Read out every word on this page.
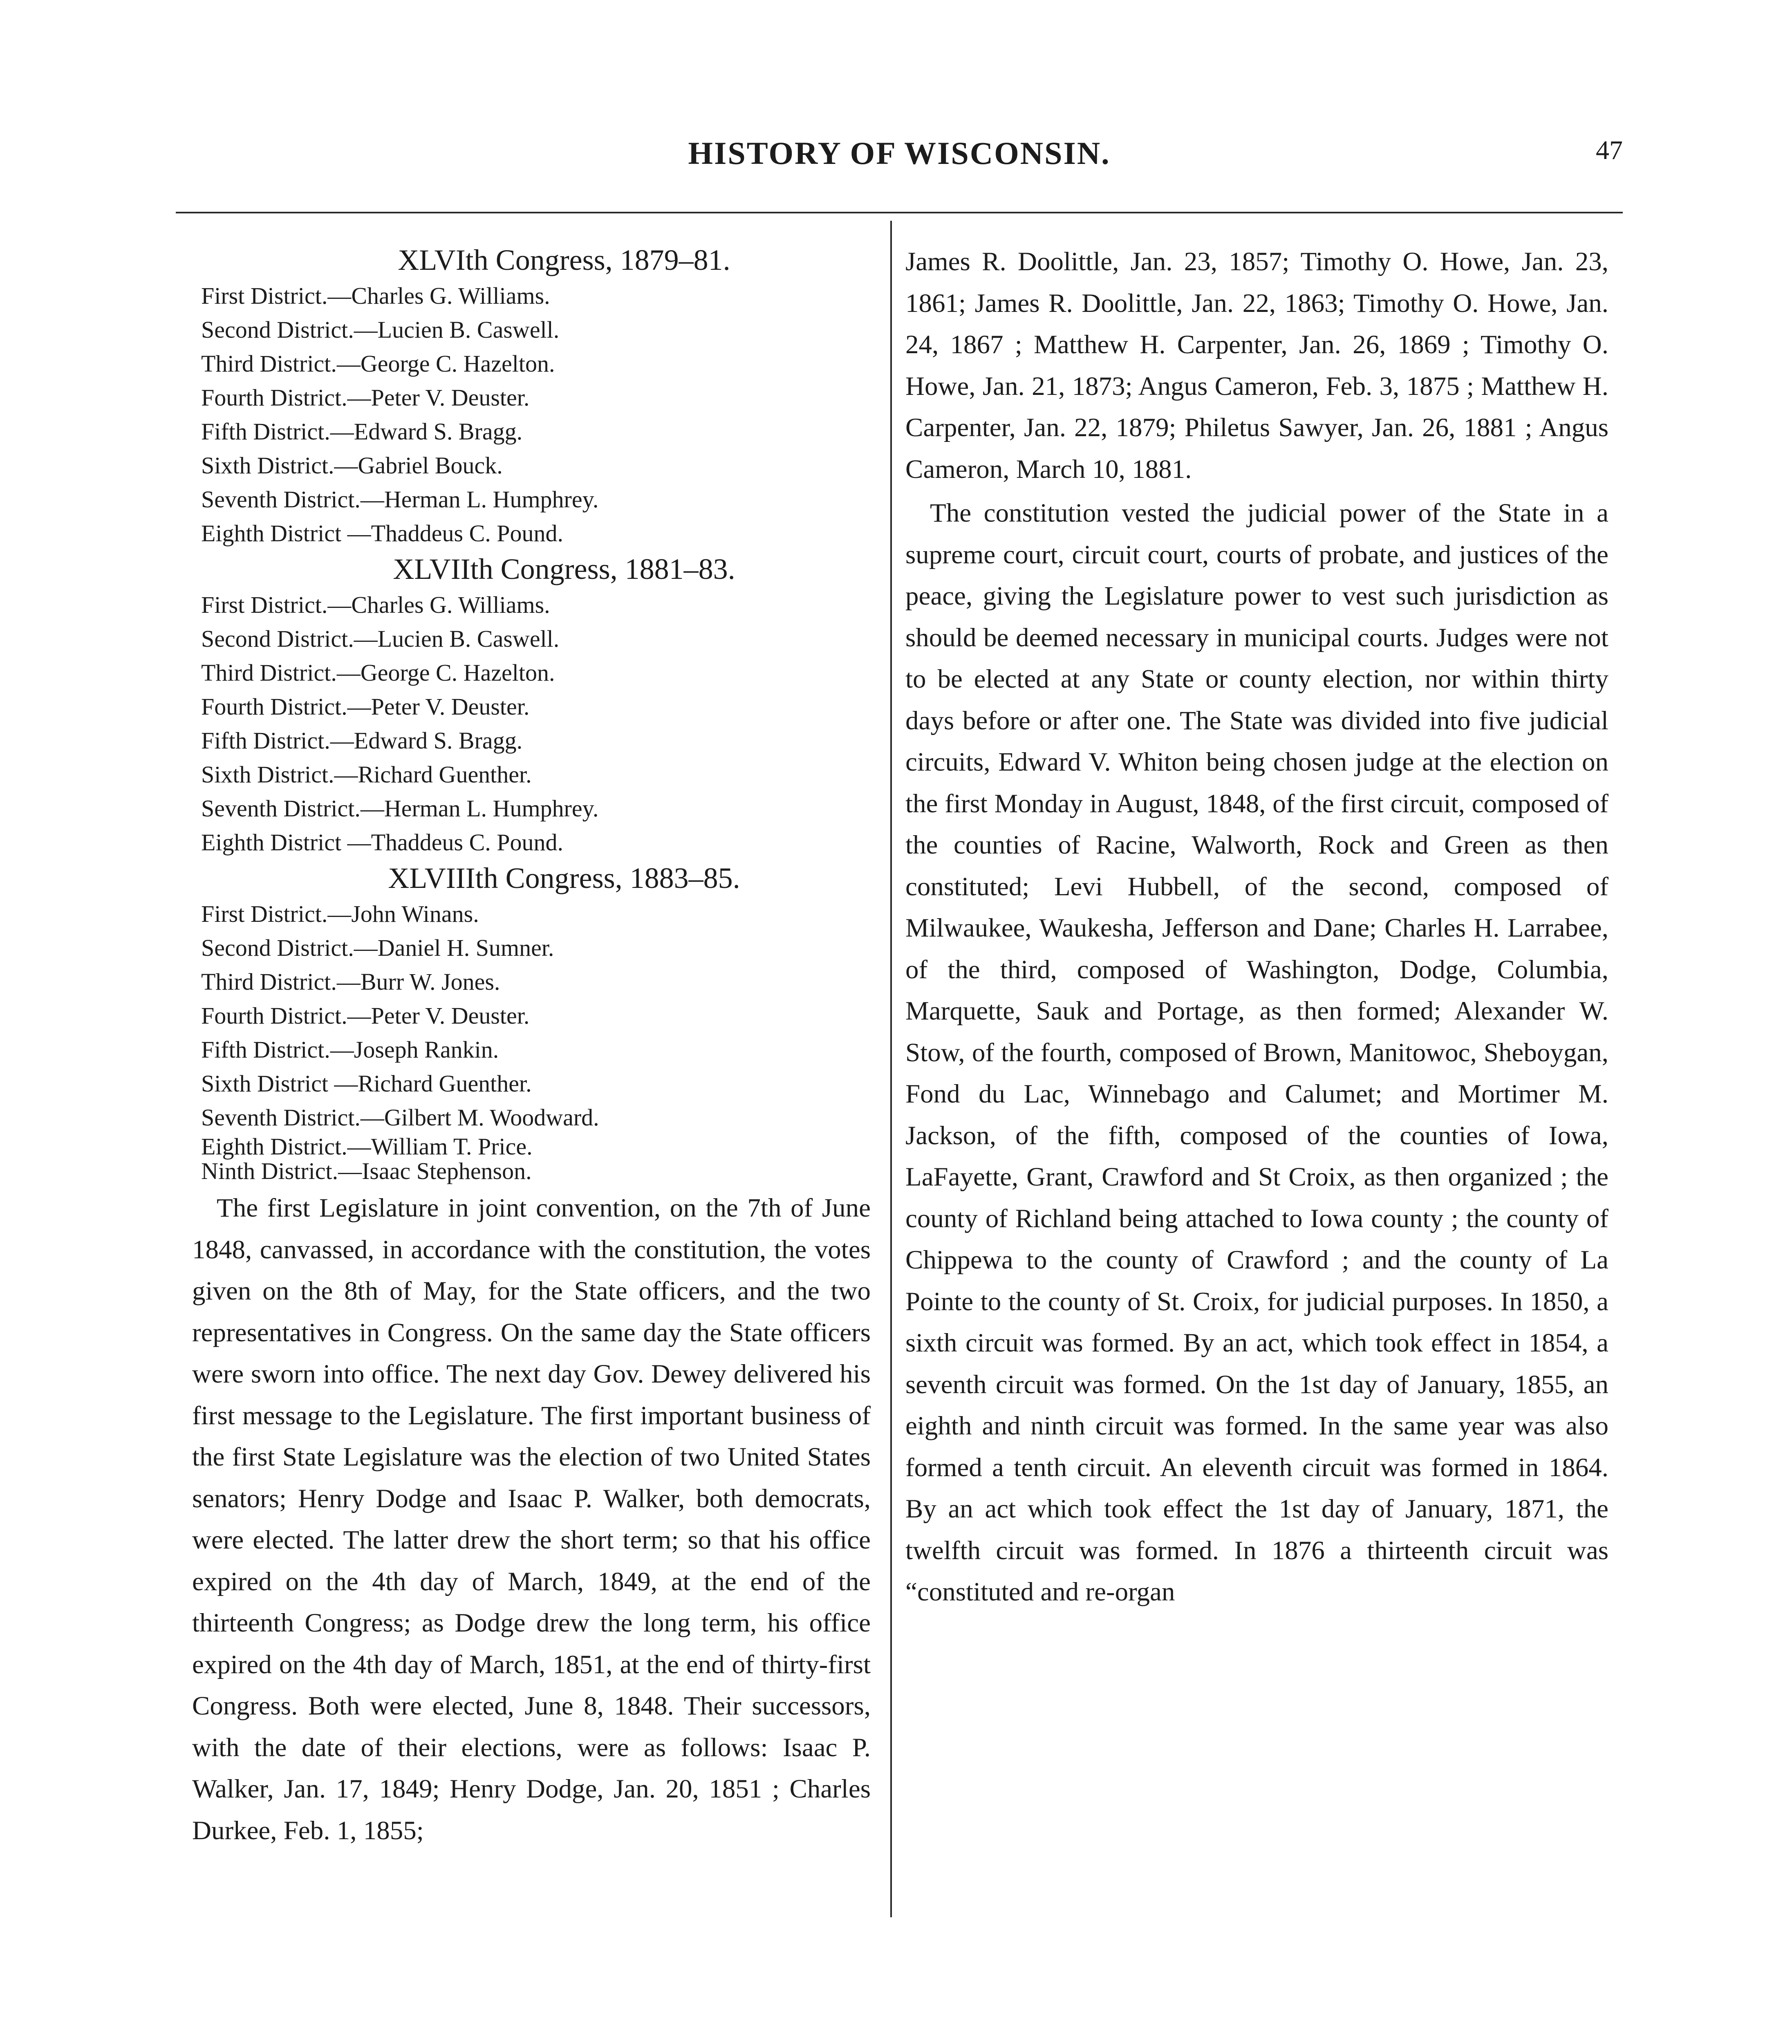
HISTORY OF WISCONSIN.	47
XLVIth Congress, 1879–81.
First District.—Charles G. Williams.
Second District.—Lucien B. Caswell.
Third District.—George C. Hazelton.
Fourth District.—Peter V. Deuster.
Fifth District.—Edward S. Bragg.
Sixth District.—Gabriel Bouck.
Seventh District.—Herman L. Humphrey.
Eighth District —Thaddeus C. Pound.
XLVIIth Congress, 1881–83.
First District.—Charles G. Williams.
Second District.—Lucien B. Caswell.
Third District.—George C. Hazelton.
Fourth District.—Peter V. Deuster.
Fifth District.—Edward S. Bragg.
Sixth District.—Richard Guenther.
Seventh District.—Herman L. Humphrey.
Eighth District —Thaddeus C. Pound.
XLVIIIth Congress, 1883–85.
First District.—John Winans.
Second District.—Daniel H. Sumner.
Third District.—Burr W. Jones.
Fourth District.—Peter V. Deuster.
Fifth District.—Joseph Rankin.
Sixth District —Richard Guenther.
Seventh District.—Gilbert M. Woodward.
Eighth District.—William T. Price.
Ninth District.—Isaac Stephenson.

The first Legislature in joint convention, on the 7th of June 1848, canvassed, in accordance with the constitution, the votes given on the 8th of May, for the State officers, and the two representatives in Congress. On the same day the State officers were sworn into office. The next day Gov. Dewey delivered his first message to the Legislature. The first important business of the first State Legislature was the election of two United States senators; Henry Dodge and Isaac P. Walker, both democrats, were elected. The latter drew the short term; so that his office expired on the 4th day of March, 1849, at the end of the thirteenth Congress; as Dodge drew the long term, his office expired on the 4th day of March, 1851, at the end of thirty-first Congress. Both were elected, June 8, 1848. Their successors, with the date of their elections, were as follows: Isaac P. Walker, Jan. 17, 1849; Henry Dodge, Jan. 20, 1851 ; Charles Durkee, Feb. 1, 1855;

James R. Doolittle, Jan. 23, 1857; Timothy O. Howe, Jan. 23, 1861; James R. Doolittle, Jan. 22, 1863; Timothy O. Howe, Jan. 24, 1867 ; Matthew H. Carpenter, Jan. 26, 1869 ; Timothy O. Howe, Jan. 21, 1873; Angus Cameron, Feb. 3, 1875 ; Matthew H. Carpenter, Jan. 22, 1879; Philetus Sawyer, Jan. 26, 1881 ; Angus Cameron, March 10, 1881.

The constitution vested the judicial power of the State in a supreme court, circuit court, courts of probate, and justices of the peace, giving the Legislature power to vest such jurisdiction as should be deemed necessary in municipal courts. Judges were not to be elected at any State or county election, nor within thirty days before or after one. The State was divided into five judicial circuits, Edward V. Whiton being chosen judge at the election on the first Monday in August, 1848, of the first circuit, composed of the counties of Racine, Walworth, Rock and Green as then constituted; Levi Hubbell, of the second, composed of Milwaukee, Waukesha, Jefferson and Dane; Charles H. Larrabee, of the third, composed of Washington, Dodge, Columbia, Marquette, Sauk and Portage, as then formed; Alexander W. Stow, of the fourth, composed of Brown, Manitowoc, Sheboygan, Fond du Lac, Winnebago and Calumet; and Mortimer M. Jackson, of the fifth, composed of the counties of Iowa, LaFayette, Grant, Crawford and St Croix, as then organized ; the county of Richland being attached to Iowa county ; the county of Chippewa to the county of Crawford ; and the county of La Pointe to the county of St. Croix, for judicial purposes. In 1850, a sixth circuit was formed. By an act, which took effect in 1854, a seventh circuit was formed. On the 1st day of January, 1855, an eighth and ninth circuit was formed. In the same year was also formed a tenth circuit. An eleventh circuit was formed in 1864. By an act which took effect the 1st day of January, 1871, the twelfth circuit was formed. In 1876 a thirteenth circuit was “constituted and re-organ
